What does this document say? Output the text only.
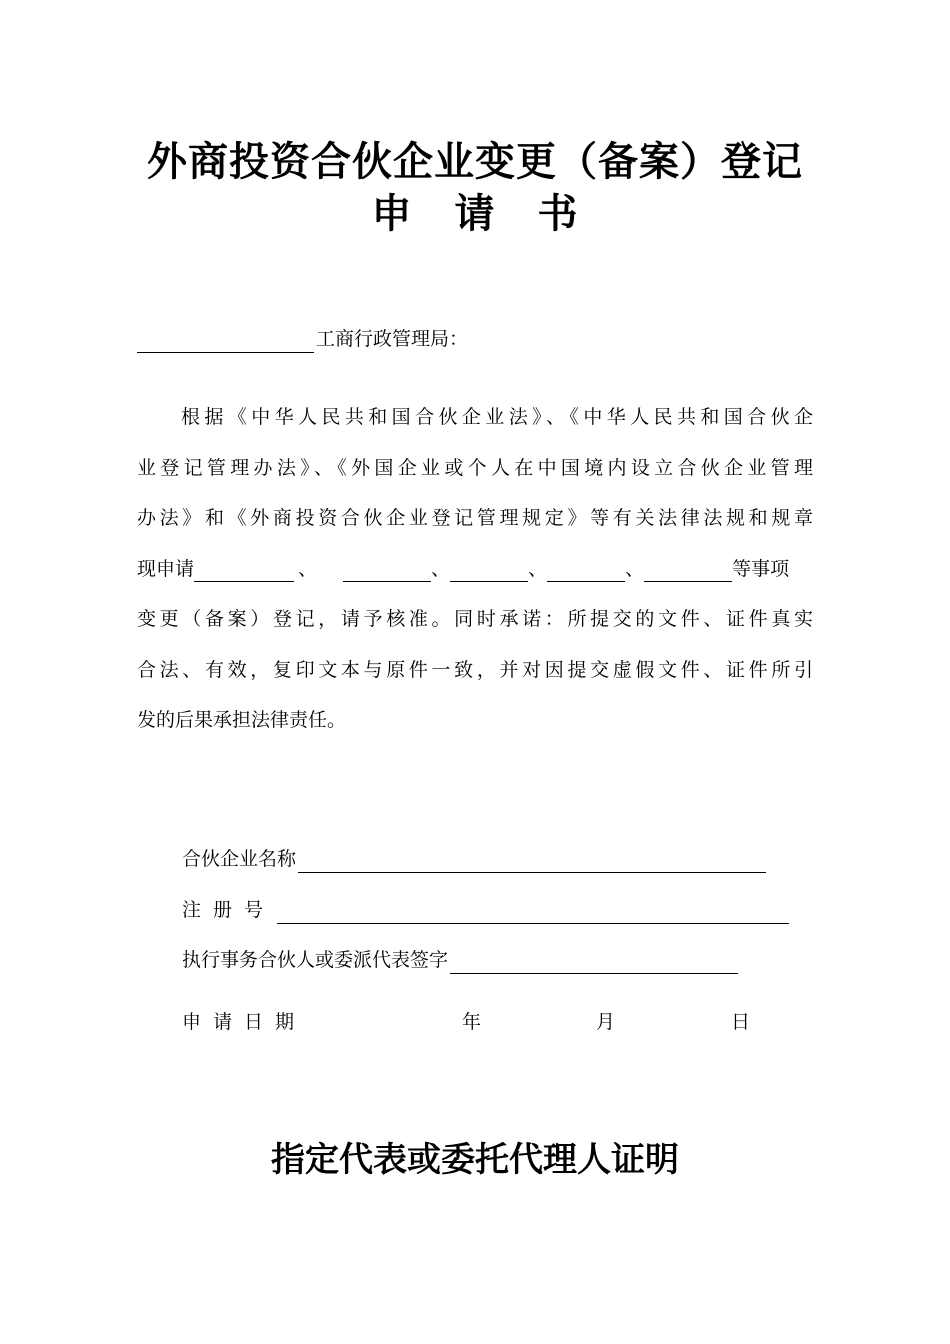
外商投资合伙企业变更（备案）登记
申 请 书
工商行政管理局：
根据《中华人民共和国合伙企业法》、《中华人民共和国合伙企
业登记管理办法》、《外国企业或个人在中国境内设立合伙企业管理
办法》和《外商投资合伙企业登记管理规定》等有关法律法规和规章
现申请	、	、	、	、	等事项
变更（备案）登记，请予核准。同时承诺：所提交的文件、证件真实
合法、有效，复印文本与原件一致，并对因提交虚假文件、证件所引
发的后果承担法律责任。
合伙企业名称
注册号
执行事务合伙人或委派代表签字
申请日期	年	月	日
指定代表或委托代理人证明
